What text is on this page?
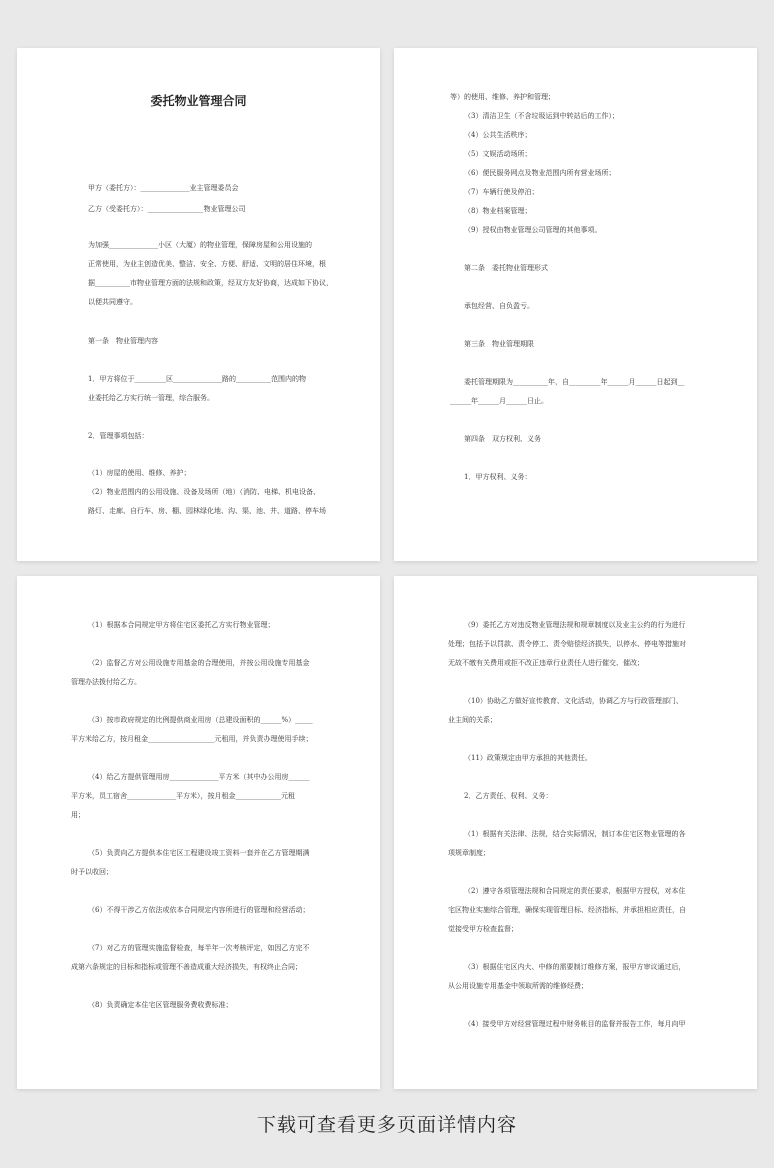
委托物业管理合同
甲方（委托方）：______________业主管理委员会
乙方（受委托方）：________________物业管理公司
为加强______________小区（大厦）的物业管理，保障房屋和公用设施的
正常使用，为业主创造优美、整洁、安全、方便、舒适、文明的居住环境，根
据__________市物业管理方面的法规和政策，经双方友好协商，达成如下协议，
以便共同遵守。
第一条　物业管理内容
1．甲方将位于_________区______________路的__________范围内的物
业委托给乙方实行统一管理，综合服务。
2．管理事项包括：
（1）房屋的使用、维修、养护；
（2）物业范围内的公用设施、设备及场所（地）（消防、电梯、机电设备、
路灯、走廊、自行车、房、棚、园林绿化地、沟、渠、池、井、道路、停车场
等）的使用、维修、养护和管理；
（3）清洁卫生（不含垃圾运到中转站后的工作）；
（4）公共生活秩序；
（5）文娱活动场所；
（6）便民服务网点及物业范围内所有营业场所；
（7）车辆行使及停泊；
（8）物业档案管理；
（9）授权由物业管理公司管理的其他事项。
第二条　委托物业管理形式
承包经营、自负盈亏。
第三条　物业管理期限
委托管理期限为__________年，自_________年______月______日起到__
______年______月______日止。
第四条　双方权利、义务
1．甲方权利、义务：
（1）根据本合同规定甲方将住宅区委托乙方实行物业管理；
（2）监督乙方对公用设施专用基金的合理使用，并按公用设施专用基金
管理办法拨付给乙方。
（3）按市政府规定的比例提供商业用房（总建设面积的______%）_____
平方米给乙方，按月租金___________________元租用，并负责办理使用手续；
（4）给乙方提供管理用房______________平方米（其中办公用房______
平方米，员工宿舍______________平方米），按月租金_____________元租
用；
（5）负责向乙方提供本住宅区工程建设竣工资料一套并在乙方管理期满
时予以收回；
（6）不得干涉乙方依法或依本合同规定内容所进行的管理和经营活动；
（7）对乙方的管理实施监督检查，每半年一次考核评定，如因乙方完不
成第六条规定的目标和指标或管理不善造成重大经济损失，有权终止合同；
（8）负责确定本住宅区管理服务费收费标准；
（9）委托乙方对违反物业管理法规和规章制度以及业主公约的行为进行
处理；包括予以罚款、责令停工、责令赔偿经济损失，以停水、停电等措施对
无故不缴有关费用或拒不改正违章行业责任人进行催交、催改；
（10）协助乙方做好宣传教育、文化活动，协调乙方与行政管理部门、
业主间的关系；
（11）政策规定由甲方承担的其他责任。
2．乙方责任、权利、义务：
（1）根据有关法律、法规，结合实际情况，制订本住宅区物业管理的各
项规章制度；
（2）遵守各项管理法规和合同规定的责任要求，根据甲方授权，对本住
宅区物业实施综合管理，确保实现管理目标、经济指标，并承担相应责任，自
觉接受甲方检查监督；
（3）根据住宅区内大、中修的需要制订维修方案，报甲方审议通过后，
从公用设施专用基金中领取所需的维修经费；
（4）接受甲方对经营管理过程中财务帐目的监督并报告工作，每月向甲
下载可查看更多页面详情内容
